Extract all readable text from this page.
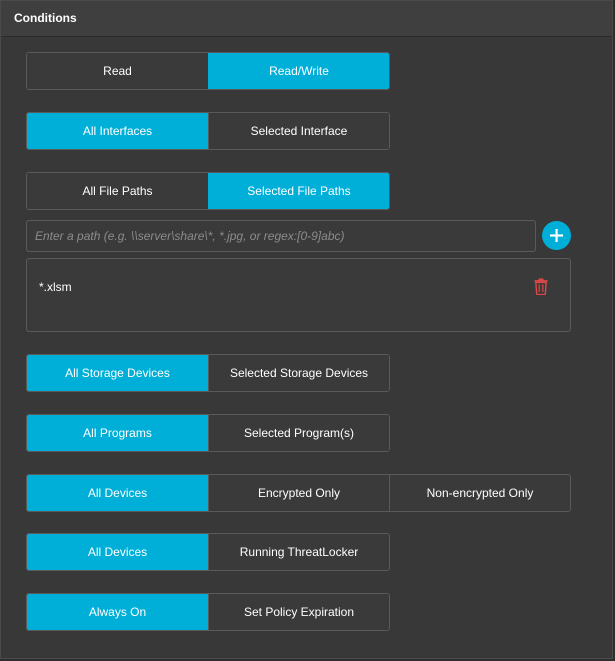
Conditions
Read	Read/Write
All Interfaces	Selected Interface
All File Paths	Selected File Paths
Enter a path (e.g. \\server\share\*, *.jpg, or regex:[0-9]abc)
*.xlsm
All Storage Devices	Selected Storage Devices
All Programs	Selected Program(s)
All Devices	Encrypted Only	Non-encrypted Only
All Devices	Running ThreatLocker
Always On	Set Policy Expiration
